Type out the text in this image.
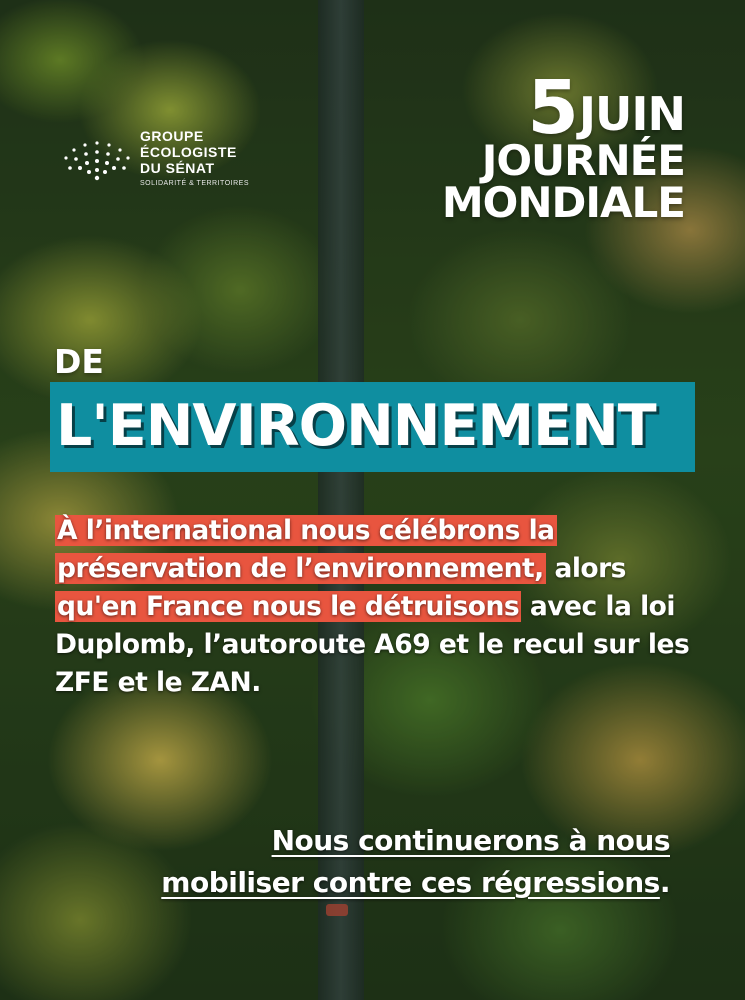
GROUPE
ÉCOLOGISTE
DU SÉNAT
SOLIDARITÉ & TERRITOIRES
5 JUIN
JOURNÉE
MONDIALE
DE
L'ENVIRONNEMENT
À l’international nous célébrons la préservation de l’environnement, alors qu'en France nous le détruisons avec la loi Duplomb, l’autoroute A69 et le recul sur les ZFE et le ZAN.
Nous continuerons à nous
mobiliser contre ces régressions.
